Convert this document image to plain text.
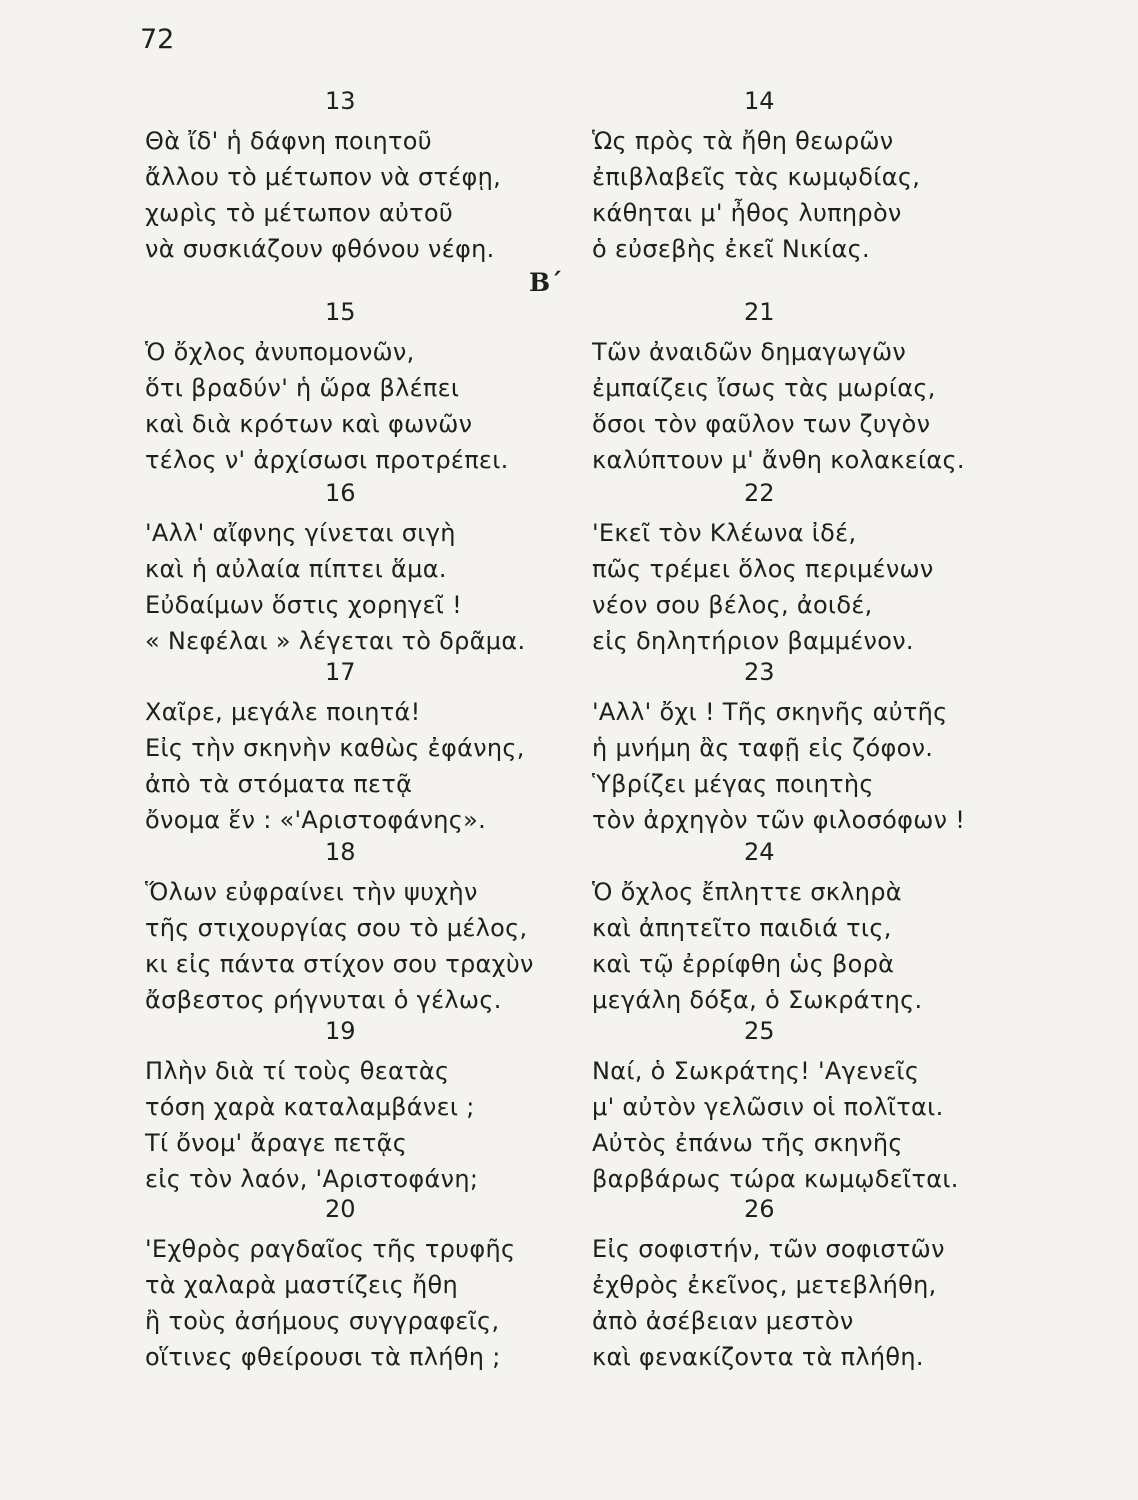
72
B´
13
Θὰ ἴδ' ἡ δάφνη ποιητοῦ
ἄλλου τὸ μέτωπον νὰ στέφῃ,
χωρὶς τὸ μέτωπον αὐτοῦ
νὰ συσκιάζουν φθόνου νέφη.
15
Ὁ ὄχλος ἀνυπομονῶν,
ὅτι βραδύν' ἡ ὥρα βλέπει
καὶ διὰ κρότων καὶ φωνῶν
τέλος ν' ἀρχίσωσι προτρέπει.
16
'Αλλ' αἴφνης γίνεται σιγὴ
καὶ ἡ αὐλαία πίπτει ἅμα.
Εὐδαίμων ὅστις χορηγεῖ !
« Νεφέλαι » λέγεται τὸ δρᾶμα.
17
Χαῖρε, μεγάλε ποιητά!
Εἰς τὴν σκηνὴν καθὼς ἐφάνης,
ἀπὸ τὰ στόματα πετᾷ
ὄνομα ἕν : «'Αριστοφάνης».
18
Ὅλων εὐφραίνει τὴν ψυχὴν
τῆς στιχουργίας σου τὸ μέλος,
κι εἰς πάντα στίχον σου τραχὺν
ἄσβεστος ρήγνυται ὁ γέλως.
19
Πλὴν διὰ τί τοὺς θεατὰς
τόση χαρὰ καταλαμβάνει ;
Τί ὄνομ' ἄραγε πετᾷς
εἰς τὸν λαόν, 'Αριστοφάνη;
20
'Εχθρὸς ραγδαῖος τῆς τρυφῆς
τὰ χαλαρὰ μαστίζεις ἤθη
ἢ τοὺς ἀσήμους συγγραφεῖς,
οἵτινες φθείρουσι τὰ πλήθη ;
14
Ὡς πρὸς τὰ ἤθη θεωρῶν
ἐπιβλαβεῖς τὰς κωμῳδίας,
κάθηται μ' ἦθος λυπηρὸν
ὁ εὐσεβὴς ἐκεῖ Νικίας.
21
Τῶν ἀναιδῶν δημαγωγῶν
ἐμπαίζεις ἴσως τὰς μωρίας,
ὅσοι τὸν φαῦλον των ζυγὸν
καλύπτουν μ' ἄνθη κολακείας.
22
'Εκεῖ τὸν Κλέωνα ἰδέ,
πῶς τρέμει ὅλος περιμένων
νέον σου βέλος, ἀοιδέ,
εἰς δηλητήριον βαμμένον.
23
'Αλλ' ὄχι ! Τῆς σκηνῆς αὐτῆς
ἡ μνήμη ἂς ταφῇ εἰς ζόφον.
Ὑβρίζει μέγας ποιητὴς
τὸν ἀρχηγὸν τῶν φιλοσόφων !
24
Ὁ ὄχλος ἔπληττε σκληρὰ
καὶ ἀπητεῖτο παιδιά τις,
καὶ τῷ ἐρρίφθη ὡς βορὰ
μεγάλη δόξα, ὁ Σωκράτης.
25
Ναί, ὁ Σωκράτης! 'Αγενεῖς
μ' αὐτὸν γελῶσιν οἱ πολῖται.
Αὐτὸς ἐπάνω τῆς σκηνῆς
βαρβάρως τώρα κωμῳδεῖται.
26
Εἰς σοφιστήν, τῶν σοφιστῶν
ἐχθρὸς ἐκεῖνος, μετεβλήθη,
ἀπὸ ἀσέβειαν μεστὸν
καὶ φενακίζοντα τὰ πλήθη.
